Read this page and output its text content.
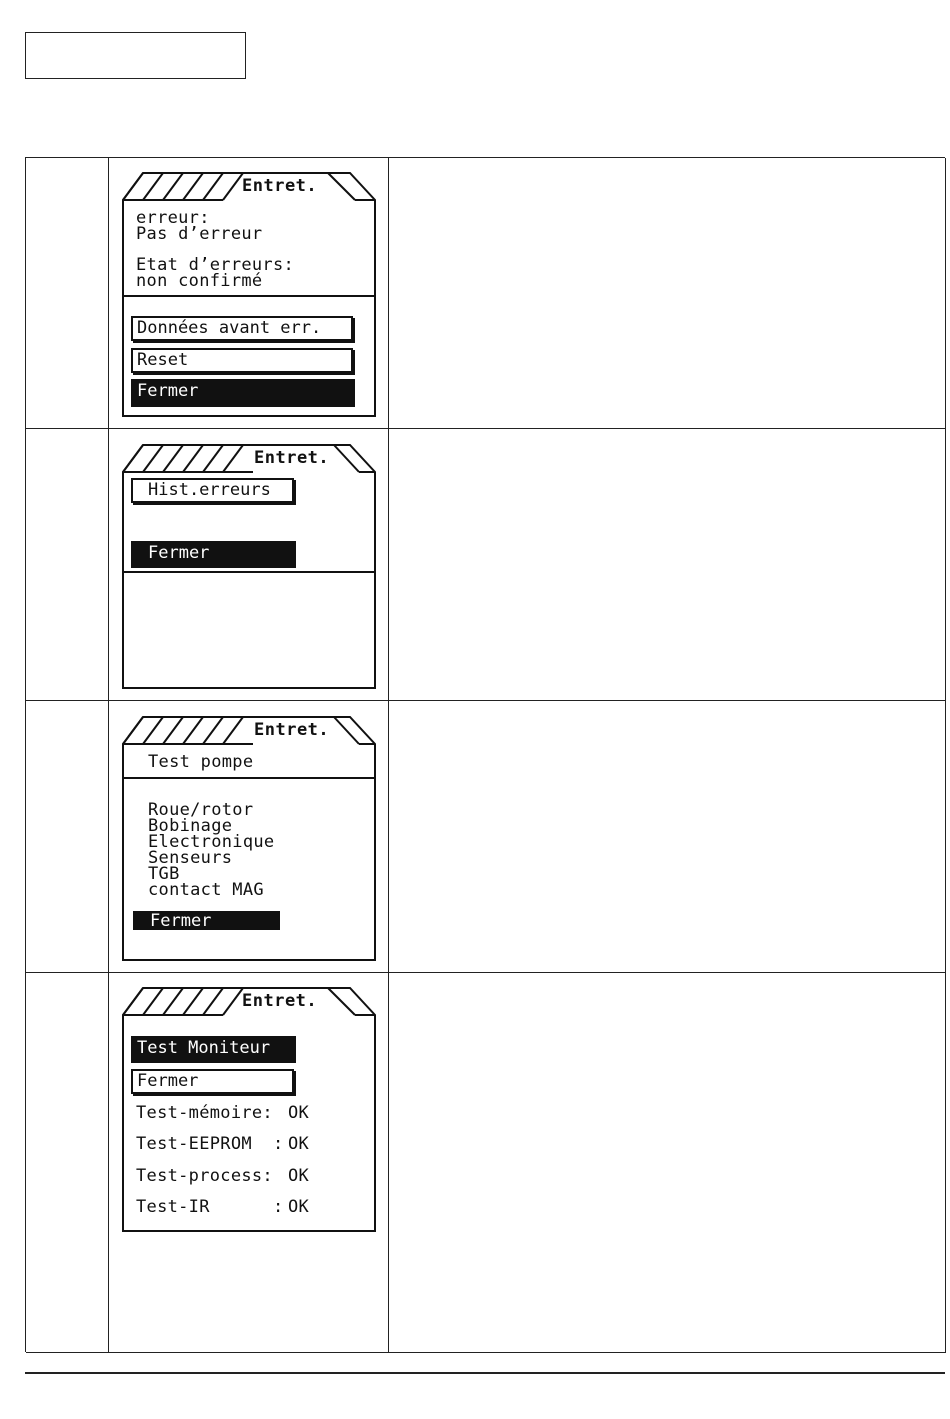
Entret.
erreur:
Pas d’erreur
Etat d’erreurs:
non confirmé
Données avant err.
Reset
Fermer
Entret.
Hist.erreurs
Fermer
Entret.
Test pompe
Roue/rotor
Bobinage
Electronique
Senseurs
TGB
contact MAG
Fermer
Entret.
Test Moniteur
Fermer
Test-mémoire: OK
Test-EEPROM  : OK
Test-process: OK
Test-IR      : OK
